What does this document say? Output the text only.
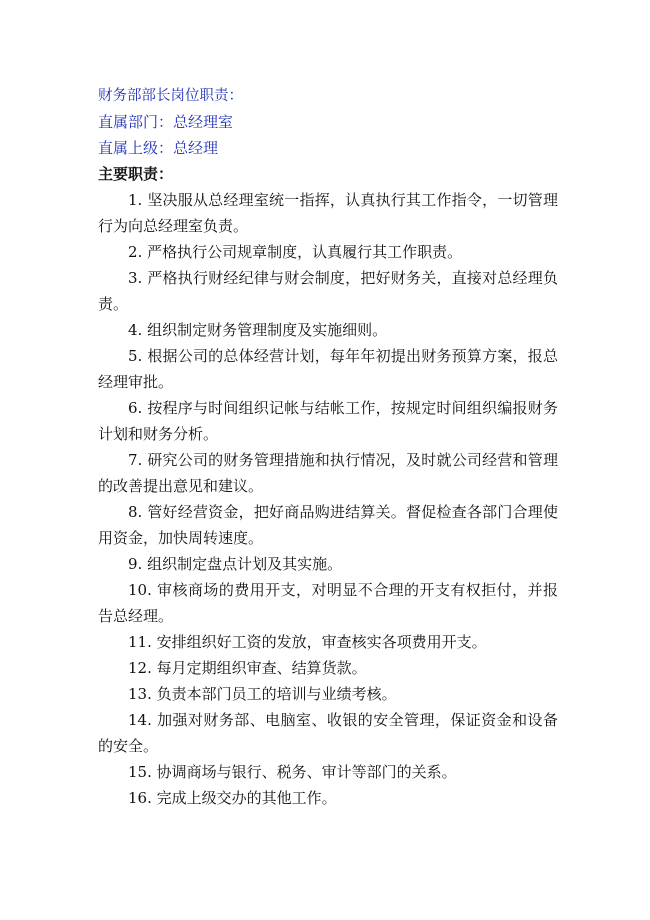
财务部部长岗位职责：
直属部门：总经理室
直属上级：总经理
主要职责：
1. 坚决服从总经理室统一指挥，认真执行其工作指令，一切管理行为向总经理室负责。
2. 严格执行公司规章制度，认真履行其工作职责。
3. 严格执行财经纪律与财会制度，把好财务关，直接对总经理负责。
4. 组织制定财务管理制度及实施细则。
5. 根据公司的总体经营计划，每年年初提出财务预算方案，报总经理审批。
6. 按程序与时间组织记帐与结帐工作，按规定时间组织编报财务计划和财务分析。
7. 研究公司的财务管理措施和执行情况，及时就公司经营和管理的改善提出意见和建议。
8. 管好经营资金，把好商品购进结算关。督促检查各部门合理使用资金，加快周转速度。
9. 组织制定盘点计划及其实施。
10. 审核商场的费用开支，对明显不合理的开支有权拒付，并报告总经理。
11. 安排组织好工资的发放，审查核实各项费用开支。
12. 每月定期组织审查、结算货款。
13. 负责本部门员工的培训与业绩考核。
14. 加强对财务部、电脑室、收银的安全管理，保证资金和设备的安全。
15. 协调商场与银行、税务、审计等部门的关系。
16. 完成上级交办的其他工作。
